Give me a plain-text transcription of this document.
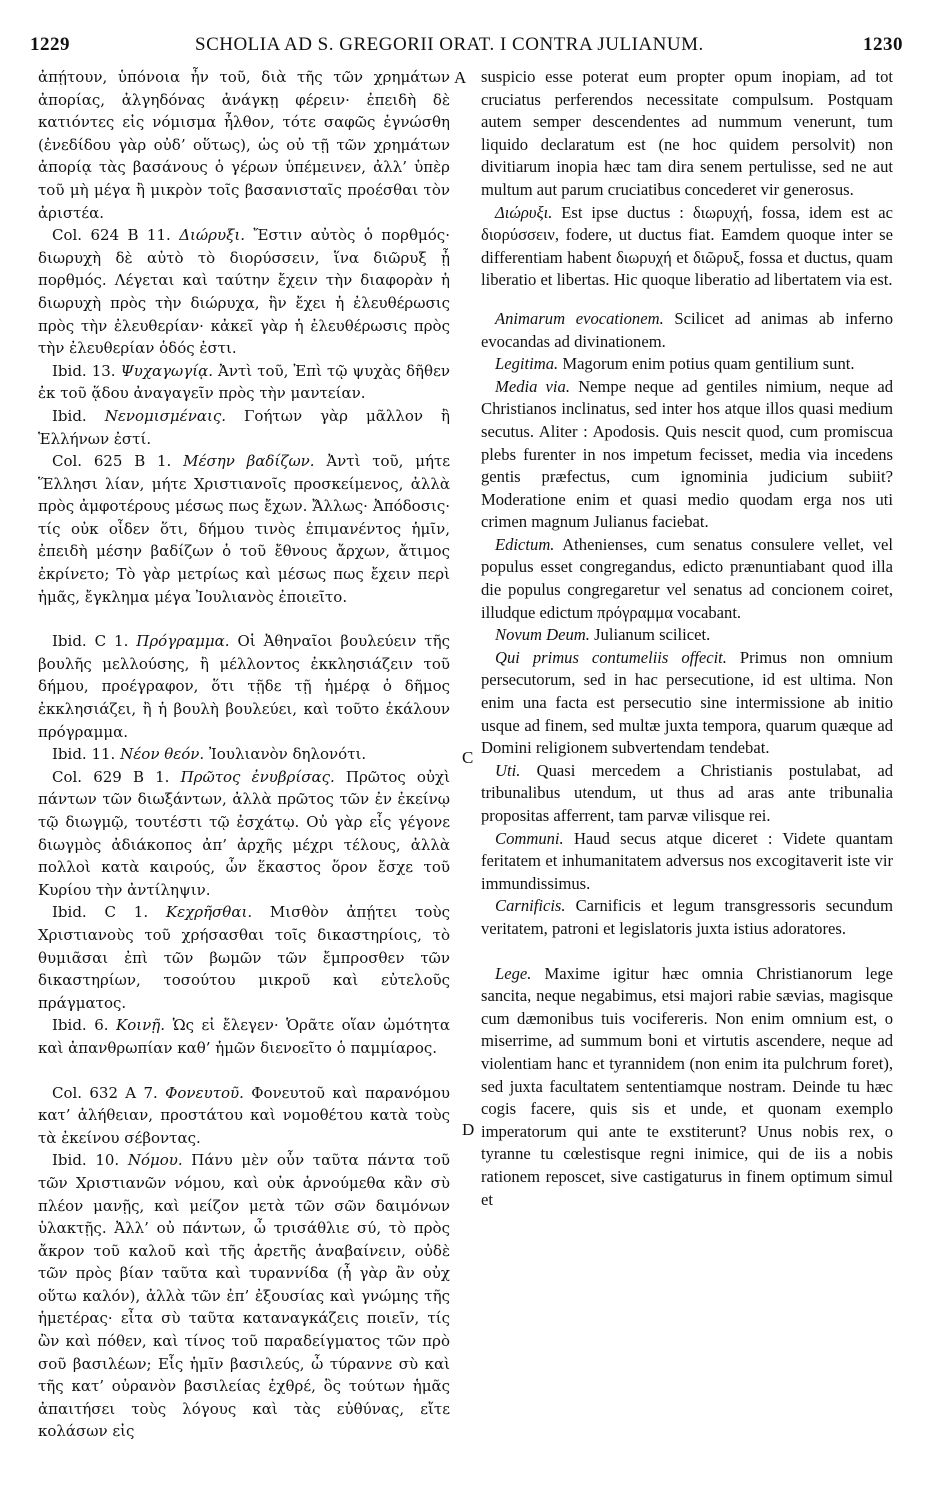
1229	SCHOLIA AD S. GREGORII ORAT. I CONTRA JULIANUM.	1230
A
C
D

ἀπῄτουν, ὑπόνοια ἦν τοῦ, διὰ τῆς τῶν χρημάτων ἀπορίας, ἀλγηδόνας ἀνάγκῃ φέρειν· ἐπειδὴ δὲ κατιόντες εἰς νόμισμα ἦλθον, τότε σαφῶς ἐγνώσθη (ἐνεδίδου γὰρ οὐδ’ οὕτως), ὡς οὐ τῇ τῶν χρημάτων ἀπορίᾳ τὰς βασάνους ὁ γέρων ὑπέμεινεν, ἀλλ’ ὑπὲρ τοῦ μὴ μέγα ἢ μικρὸν τοῖς βασανισταῖς προέσθαι τὸν ἀριστέα.

Col. 624 B 11. Διώρυξι. Ἔστιν αὐτὸς ὁ πορθμός· διωρυχὴ δὲ αὐτὸ τὸ διορύσσειν, ἵνα διῶρυξ ᾖ πορθμός. Λέγεται καὶ ταύτην ἔχειν τὴν διαφορὰν ἡ διωρυχὴ πρὸς τὴν διώρυχα, ἣν ἔχει ἡ ἐλευθέρωσις πρὸς τὴν ἐλευθερίαν· κἀκεῖ γὰρ ἡ ἐλευθέρωσις πρὸς τὴν ἐλευθερίαν ὁδός ἐστι.

Ibid. 13. Ψυχαγωγίᾳ. Ἀντὶ τοῦ, Ἐπὶ τῷ ψυχὰς δῆθεν ἐκ τοῦ ᾅδου ἀναγαγεῖν πρὸς τὴν μαντείαν.

Ibid. Νενομισμέναις. Γοήτων γὰρ μᾶλλον ἢ Ἑλλήνων ἐστί.

Col. 625 B 1. Μέσην βαδίζων. Ἀντὶ τοῦ, μήτε Ἕλλησι λίαν, μήτε Χριστιανοῖς προσκείμενος, ἀλλὰ πρὸς ἀμφοτέρους μέσως πως ἔχων. Ἄλλως· Ἀπόδοσις· τίς οὐκ οἶδεν ὅτι, δήμου τινὸς ἐπιμανέντος ἡμῖν, ἐπειδὴ μέσην βαδίζων ὁ τοῦ ἔθνους ἄρχων, ἄτιμος ἐκρίνετο; Τὸ γὰρ μετρίως καὶ μέσως πως ἔχειν περὶ ἡμᾶς, ἔγκλημα μέγα Ἰουλιανὸς ἐποιεῖτο.

Ibid. C 1. Πρόγραμμα. Οἱ Ἀθηναῖοι βουλεύειν τῆς βουλῆς μελλούσης, ἢ μέλλοντος ἐκκλησιάζειν τοῦ δήμου, προέγραφον, ὅτι τῇδε τῇ ἡμέρᾳ ὁ δῆμος ἐκκλησιάζει, ἢ ἡ βουλὴ βουλεύει, καὶ τοῦτο ἐκάλουν πρόγραμμα.

Ibid. 11. Νέον θεόν. Ἰουλιανὸν δηλονότι.

Col. 629 B 1. Πρῶτος ἐνυβρίσας. Πρῶτος οὐχὶ πάντων τῶν διωξάντων, ἀλλὰ πρῶτος τῶν ἐν ἐκείνῳ τῷ διωγμῷ, τουτέστι τῷ ἐσχάτῳ. Οὐ γὰρ εἷς γέγονε διωγμὸς ἀδιάκοπος ἀπ’ ἀρχῆς μέχρι τέλους, ἀλλὰ πολλοὶ κατὰ καιρούς, ὧν ἕκαστος ὅρον ἔσχε τοῦ Κυρίου τὴν ἀντίληψιν.

Ibid. C 1. Κεχρῆσθαι. Μισθὸν ἀπῄτει τοὺς Χριστιανοὺς τοῦ χρήσασθαι τοῖς δικαστηρίοις, τὸ θυμιᾶσαι ἐπὶ τῶν βωμῶν τῶν ἔμπροσθεν τῶν δικαστηρίων, τοσούτου μικροῦ καὶ εὐτελοῦς πράγματος.

Ibid. 6. Κοινῇ. Ὡς εἰ ἔλεγεν· Ὁρᾶτε οἵαν ὠμότητα καὶ ἀπανθρωπίαν καθ’ ἡμῶν διενοεῖτο ὁ παμμίαρος.

Col. 632 A 7. Φονευτοῦ. Φονευτοῦ καὶ παρανόμου κατ’ ἀλήθειαν, προστάτου καὶ νομοθέτου κατὰ τοὺς τὰ ἐκείνου σέβοντας.

Ibid. 10. Νόμου. Πάνυ μὲν οὖν ταῦτα πάντα τοῦ τῶν Χριστιανῶν νόμου, καὶ οὐκ ἀρνούμεθα κἂν σὺ πλέον μανῇς, καὶ μείζον μετὰ τῶν σῶν δαιμόνων ὑλακτῇς. Ἀλλ’ οὐ πάντων, ὦ τρισάθλιε σύ, τὸ πρὸς ἄκρον τοῦ καλοῦ καὶ τῆς ἀρετῆς ἀναβαίνειν, οὐδὲ τῶν πρὸς βίαν ταῦτα καὶ τυραννίδα (ἦ γὰρ ἂν οὐχ οὕτω καλόν), ἀλλὰ τῶν ἐπ’ ἐξουσίας καὶ γνώμης τῆς ἡμετέρας· εἶτα σὺ ταῦτα καταναγκάζεις ποιεῖν, τίς ὢν καὶ πόθεν, καὶ τίνος τοῦ παραδείγματος τῶν πρὸ σοῦ βασιλέων; Εἷς ἡμῖν βασιλεύς, ὦ τύραννε σὺ καὶ τῆς κατ’ οὐρανὸν βασιλείας ἐχθρέ, ὃς τούτων ἡμᾶς ἀπαιτήσει τοὺς λόγους καὶ τὰς εὐθύνας, εἴτε κολάσων εἰς

suspicio esse poterat eum propter opum inopiam, ad tot cruciatus perferendos necessitate compulsum. Postquam autem semper descendentes ad nummum venerunt, tum liquido declaratum est (ne hoc quidem persolvit) non divitiarum inopia hæc tam dira senem pertulisse, sed ne aut multum aut parum cruciatibus concederet vir generosus.

Διώρυξι. Est ipse ductus : διωρυχή, fossa, idem est ac διορύσσειν, fodere, ut ductus fiat. Eamdem quoque inter se differentiam habent διωρυχή et διῶρυξ, fossa et ductus, quam liberatio et libertas. Hic quoque liberatio ad libertatem via est.

Animarum evocationem. Scilicet ad animas ab inferno evocandas ad divinationem.

Legitima. Magorum enim potius quam gentilium sunt.

Media via. Nempe neque ad gentiles nimium, neque ad Christianos inclinatus, sed inter hos atque illos quasi medium secutus. Aliter : Apodosis. Quis nescit quod, cum promiscua plebs furenter in nos impetum fecisset, media via incedens gentis præfectus, cum ignominia judicium subiit? Moderatione enim et quasi medio quodam erga nos uti crimen magnum Julianus faciebat.

Edictum. Athenienses, cum senatus consulere vellet, vel populus esset congregandus, edicto prænuntiabant quod illa die populus congregaretur vel senatus ad concionem coiret, illudque edictum πρόγραμμα vocabant.

Novum Deum. Julianum scilicet.

Qui primus contumeliis offecit. Primus non omnium persecutorum, sed in hac persecutione, id est ultima. Non enim una facta est persecutio sine intermissione ab initio usque ad finem, sed multæ juxta tempora, quarum quæque ad Domini religionem subvertendam tendebat.

Uti. Quasi mercedem a Christianis postulabat, ad tribunalibus utendum, ut thus ad aras ante tribunalia propositas afferrent, tam parvæ vilisque rei.

Communi. Haud secus atque diceret : Videte quantam feritatem et inhumanitatem adversus nos excogitaverit iste vir immundissimus.

Carnificis. Carnificis et legum transgressoris secundum veritatem, patroni et legislatoris juxta istius adoratores.

Lege. Maxime igitur hæc omnia Christianorum lege sancita, neque negabimus, etsi majori rabie sævias, magisque cum dæmonibus tuis vocifereris. Non enim omnium est, o miserrime, ad summum boni et virtutis ascendere, neque ad violentiam hanc et tyrannidem (non enim ita pulchrum foret), sed juxta facultatem sententiamque nostram. Deinde tu hæc cogis facere, quis sis et unde, et quonam exemplo imperatorum qui ante te exstiterunt? Unus nobis rex, o tyranne tu cœlestisque regni inimice, qui de iis a nobis rationem reposcet, sive castigaturus in finem optimum simul et
